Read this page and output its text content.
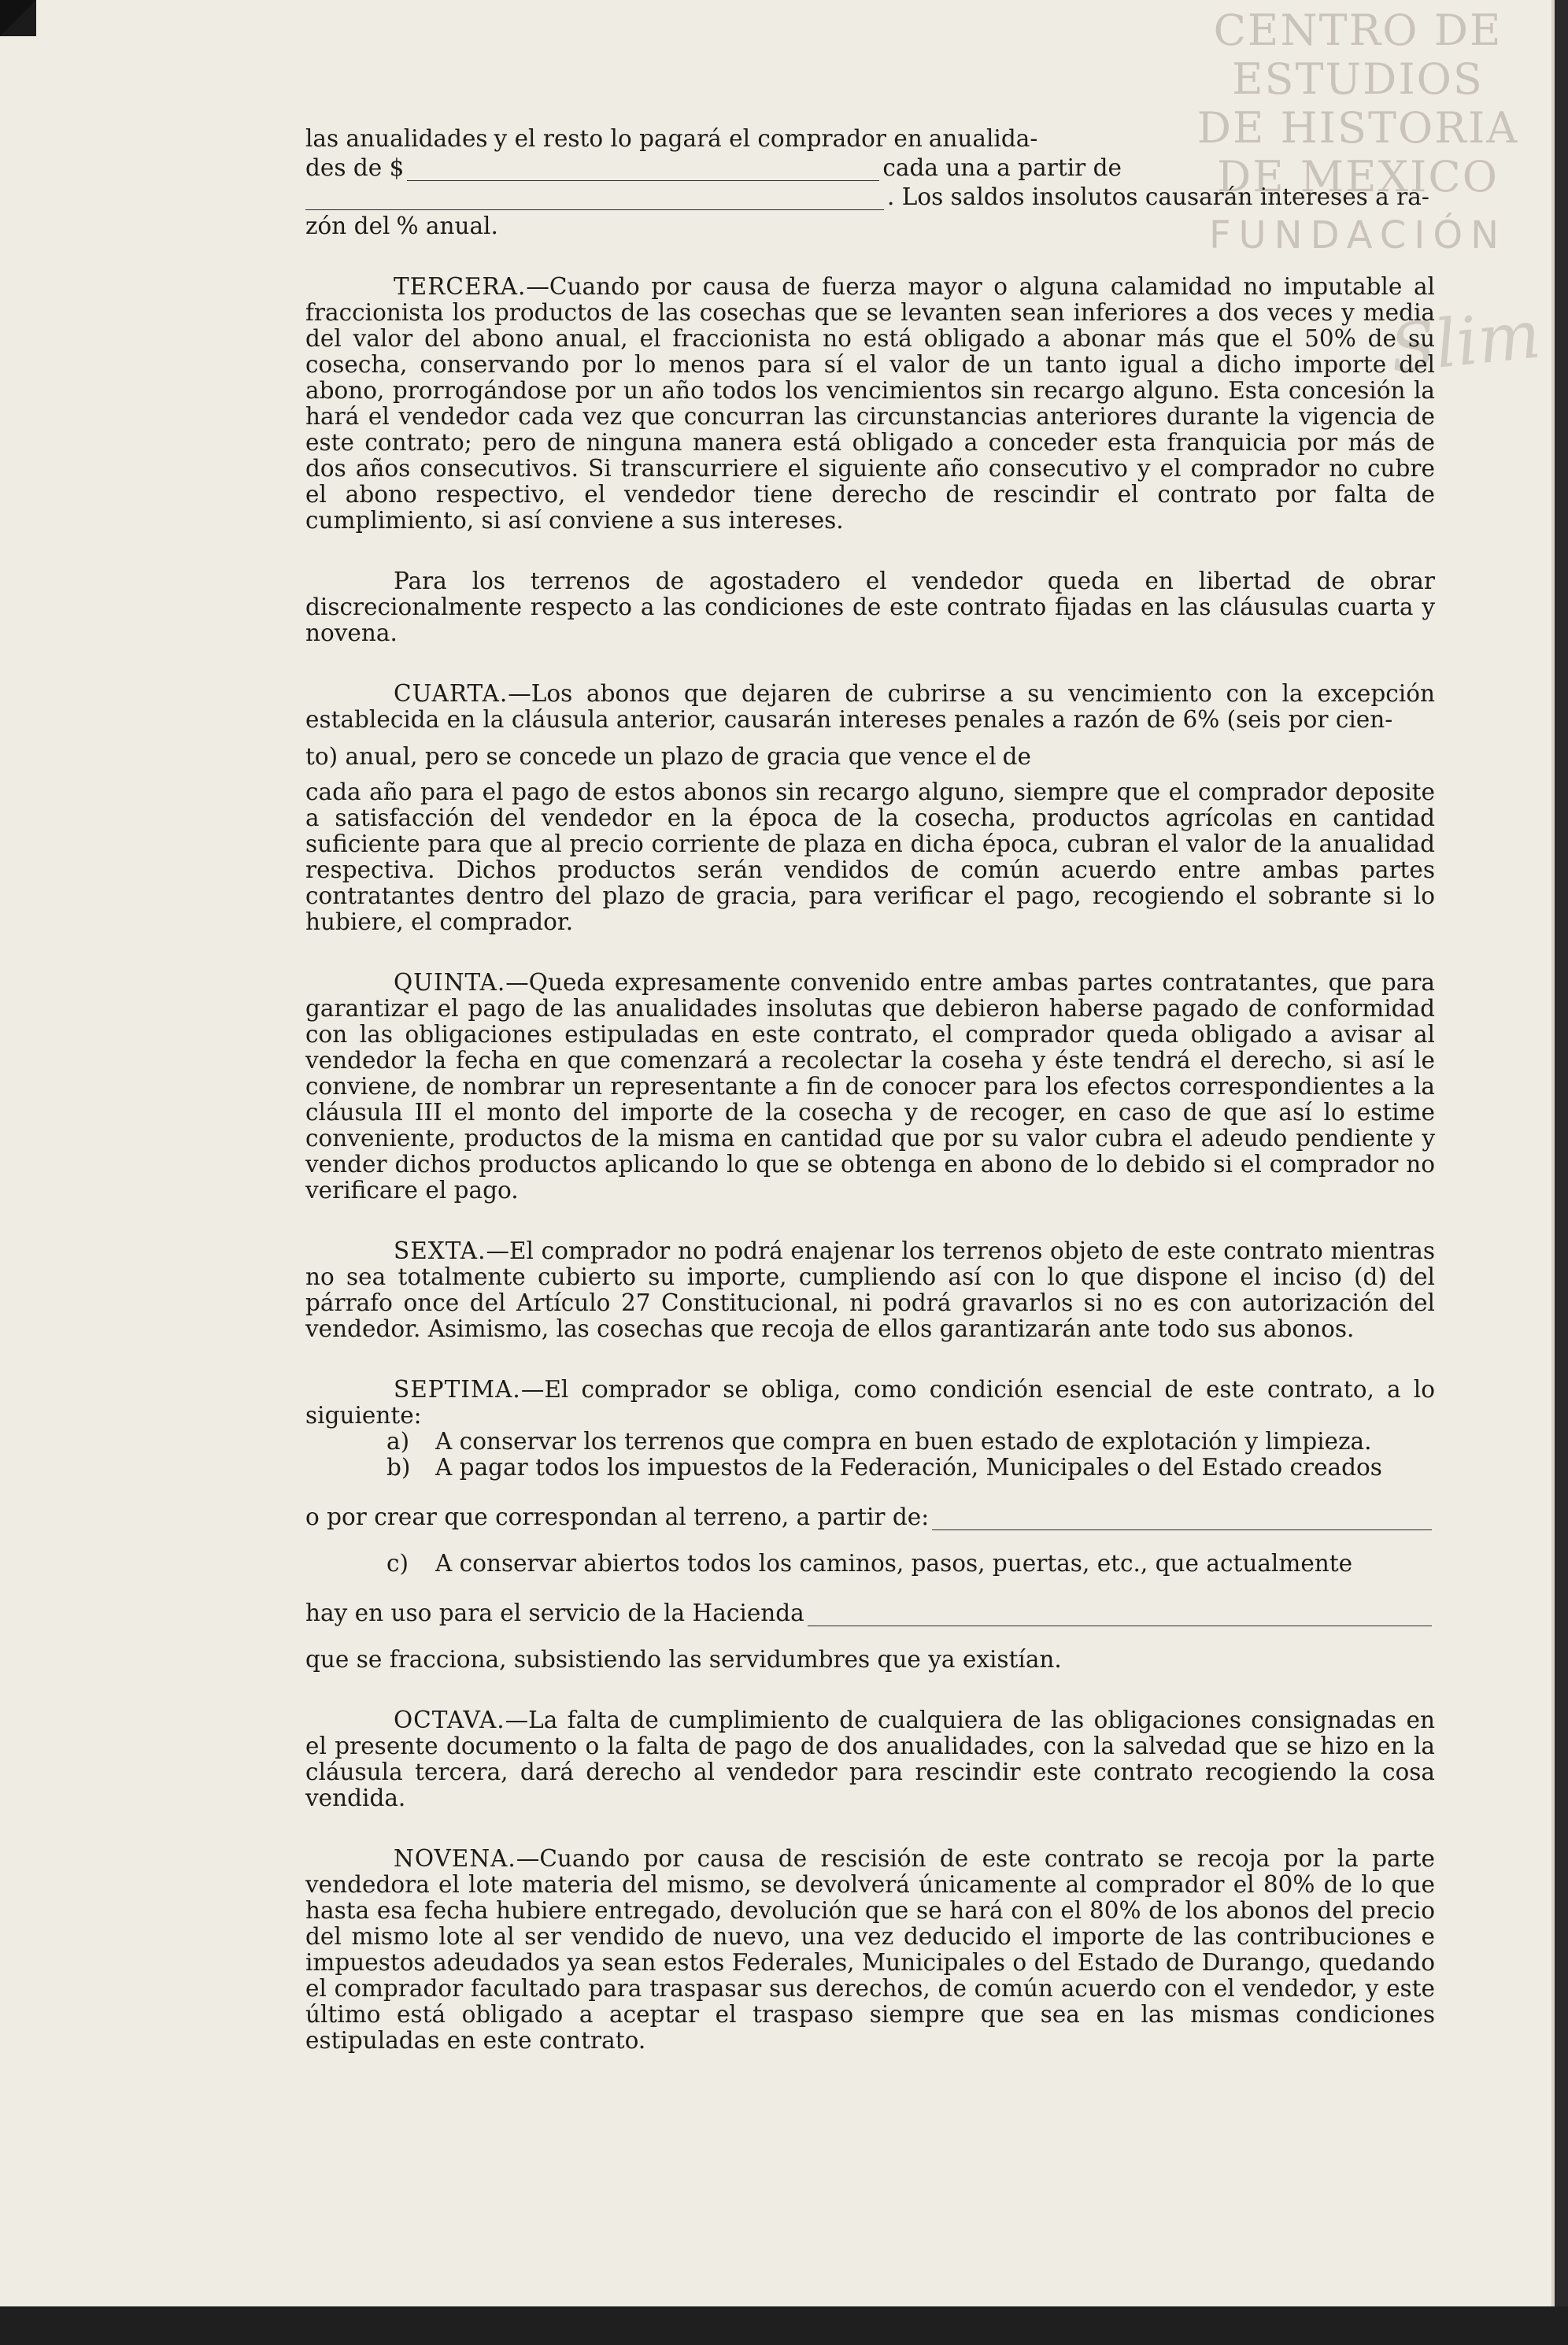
CENTRO DE
ESTUDIOS
DE HISTORIA
DE MEXICO
FUNDACIÓN
Slim
las anualidades y el resto lo pagará el comprador en anualida-
des de $	cada una a partir de
. Los saldos insolutos causarán intereses a ra-
zón del % anual.

TERCERA.—Cuando por causa de fuerza mayor o alguna calamidad no imputable al fraccionista los productos de las cosechas que se levanten sean inferiores a dos veces y media del valor del abono anual, el fraccionista no está obligado a abonar más que el 50% de su cosecha, conservando por lo menos para sí el valor de un tanto igual a dicho importe del abono, prorrogándose por un año todos los vencimientos sin recargo alguno. Esta concesión la hará el vendedor cada vez que concurran las circunstancias anteriores durante la vigencia de este contrato; pero de ninguna manera está obligado a conceder esta franquicia por más de dos años consecutivos. Si transcurriere el siguiente año consecutivo y el comprador no cubre el abono respectivo, el vendedor tiene derecho de rescindir el contrato por falta de cumplimiento, si así conviene a sus intereses.

Para los terrenos de agostadero el vendedor queda en libertad de obrar discrecionalmente respecto a las condiciones de este contrato fijadas en las cláusulas cuarta y novena.

CUARTA.—Los abonos que dejaren de cubrirse a su vencimiento con la excepción establecida en la cláusula anterior, causarán intereses penales a razón de 6% (seis por cien-

to) anual, pero se concede un plazo de gracia que vence el de

cada año para el pago de estos abonos sin recargo alguno, siempre que el comprador deposite a satisfacción del vendedor en la época de la cosecha, productos agrícolas en cantidad suficiente para que al precio corriente de plaza en dicha época, cubran el valor de la anualidad respectiva. Dichos productos serán vendidos de común acuerdo entre ambas partes contratantes dentro del plazo de gracia, para verificar el pago, recogiendo el sobrante si lo hubiere, el comprador.

QUINTA.—Queda expresamente convenido entre ambas partes contratantes, que para garantizar el pago de las anualidades insolutas que debieron haberse pagado de conformidad con las obligaciones estipuladas en este contrato, el comprador queda obligado a avisar al vendedor la fecha en que comenzará a recolectar la coseha y éste tendrá el derecho, si así le conviene, de nombrar un representante a fin de conocer para los efectos correspondientes a la cláusula III el monto del importe de la cosecha y de recoger, en caso de que así lo estime conveniente, productos de la misma en cantidad que por su valor cubra el adeudo pendiente y vender dichos productos aplicando lo que se obtenga en abono de lo debido si el comprador no verificare el pago.

SEXTA.—El comprador no podrá enajenar los terrenos objeto de este contrato mientras no sea totalmente cubierto su importe, cumpliendo así con lo que dispone el inciso (d) del párrafo once del Artículo 27 Constitucional, ni podrá gravarlos si no es con autorización del vendedor. Asimismo, las cosechas que recoja de ellos garantizarán ante todo sus abonos.

SEPTIMA.—El comprador se obliga, como condición esencial de este contrato, a lo siguiente:

a) A conservar los terrenos que compra en buen estado de explotación y limpieza.
b) A pagar todos los impuestos de la Federación, Municipales o del Estado creados
o por crear que correspondan al terreno, a partir de:
c) A conservar abiertos todos los caminos, pasos, puertas, etc., que actualmente
hay en uso para el servicio de la Hacienda
que se fracciona, subsistiendo las servidumbres que ya existían.

OCTAVA.—La falta de cumplimiento de cualquiera de las obligaciones consignadas en el presente documento o la falta de pago de dos anualidades, con la salvedad que se hizo en la cláusula tercera, dará derecho al vendedor para rescindir este contrato recogiendo la cosa vendida.

NOVENA.—Cuando por causa de rescisión de este contrato se recoja por la parte vendedora el lote materia del mismo, se devolverá únicamente al comprador el 80% de lo que hasta esa fecha hubiere entregado, devolución que se hará con el 80% de los abonos del precio del mismo lote al ser vendido de nuevo, una vez deducido el importe de las contribuciones e impuestos adeudados ya sean estos Federales, Municipales o del Estado de Durango, quedando el comprador facultado para traspasar sus derechos, de común acuerdo con el vendedor, y este último está obligado a aceptar el traspaso siempre que sea en las mismas condiciones estipuladas en este contrato.
